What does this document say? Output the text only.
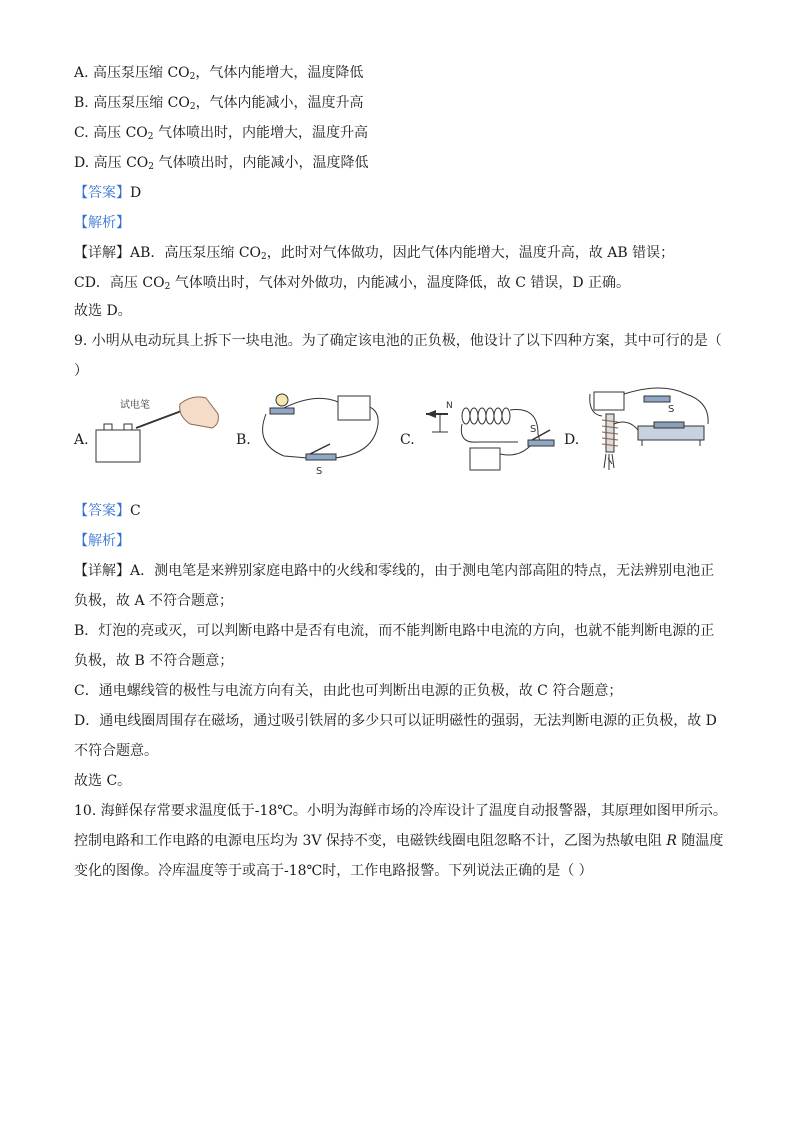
A. 高压泵压缩 $CO_2$，气体内能增大，温度降低
B. 高压泵压缩 $CO_2$，气体内能减小，温度升高
C. 高压 $CO_2$ 气体喷出时，内能增大，温度升高
D. 高压 $CO_2$ 气体喷出时，内能减小，温度降低
【答案】D
【解析】
【详解】AB．高压泵压缩 $CO_2$，此时对气体做功，因此气体内能增大，温度升高，故 AB 错误；
CD．高压 $CO_2$ 气体喷出时，气体对外做功，内能减小，温度降低，故 C 错误，D 正确。
故选 D。
9. 小明从电动玩具上拆下一块电池。为了确定该电池的正负极，他设计了以下四种方案，其中可行的是（
）
A.
试电笔
B.
S
C.
N
S
D.
S
【答案】C
【解析】
【详解】A．测电笔是来辨别家庭电路中的火线和零线的，由于测电笔内部高阻的特点，无法辨别电池正
负极，故 A 不符合题意；
B．灯泡的亮或灭，可以判断电路中是否有电流，而不能判断电路中电流的方向，也就不能判断电源的正
负极，故 B 不符合题意；
C．通电螺线管的极性与电流方向有关，由此也可判断出电源的正负极，故 C 符合题意；
D．通电线圈周围存在磁场，通过吸引铁屑的多少只可以证明磁性的强弱，无法判断电源的正负极，故 D
不符合题意。
故选 C。
10. 海鲜保存常要求温度低于-18℃。小明为海鲜市场的冷库设计了温度自动报警器，其原理如图甲所示。
控制电路和工作电路的电源电压均为 3V 保持不变，电磁铁线圈电阻忽略不计，乙图为热敏电阻 R 随温度
变化的图像。冷库温度等于或高于-18℃时，工作电路报警。下列说法正确的是（ ）
